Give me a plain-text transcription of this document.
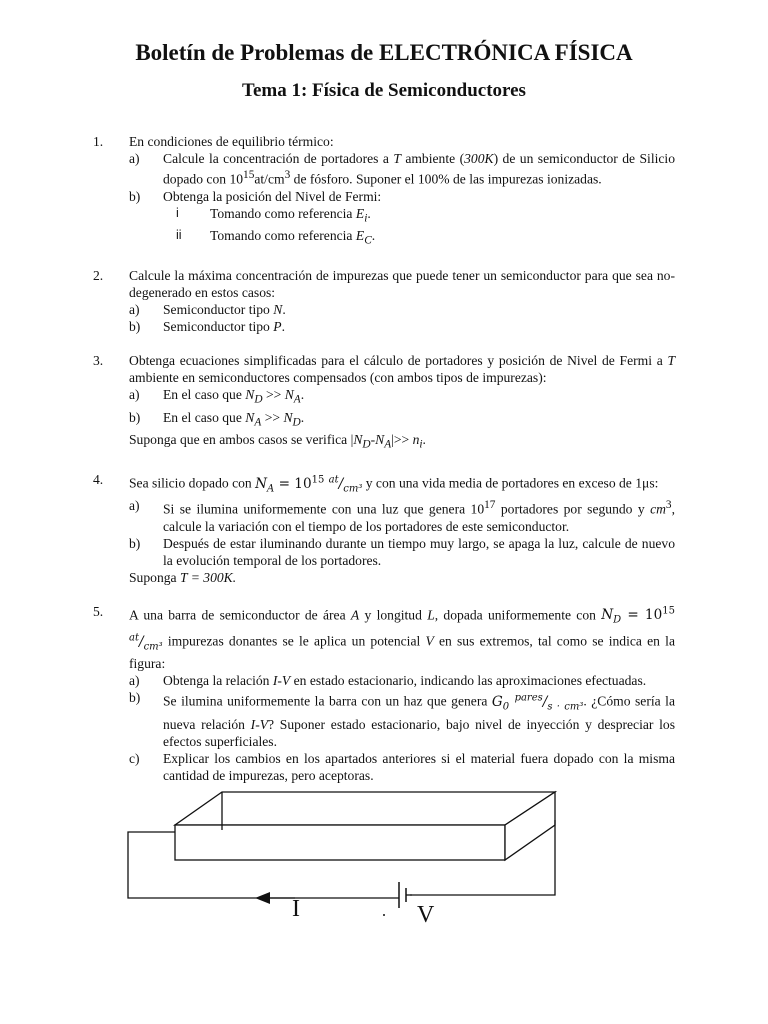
Boletín de Problemas de ELECTRÓNICA FÍSICA
Tema 1: Física de Semiconductores
1. En condiciones de equilibrio térmico:

a) Calcule la concentración de portadores a T ambiente (300K) de un semiconductor de Silicio dopado con $10^{15}at/cm^3$ de fósforo. Suponer el 100% de las impurezas ionizadas.

b) Obtenga la posición del Nivel de Fermi:

i Tomando como referencia $E_i$.

ii Tomando como referencia $E_C$.

2. Calcule la máxima concentración de impurezas que puede tener un semiconductor para que sea no-degenerado en estos casos:

a) Semiconductor tipo N.

b) Semiconductor tipo P.

3. Obtenga ecuaciones simplificadas para el cálculo de portadores y posición de Nivel de Fermi a T ambiente en semiconductores compensados (con ambos tipos de impurezas):

a) En el caso que $N_D >> N_A$.

b) En el caso que $N_A >> N_D$.

Suponga que en ambos casos se verifica $|N_D-N_A|>> n_i$.

4. Sea silicio dopado con $N_A = 10^{15}$ $^{at}/_{cm^3}$ y con una vida media de portadores en exceso de 1μs:

a) Si se ilumina uniformemente con una luz que genera $10^{17}$ portadores por segundo y $cm^3$, calcule la variación con el tiempo de los portadores de este semiconductor.

b) Después de estar iluminando durante un tiempo muy largo, se apaga la luz, calcule de nuevo la evolución temporal de los portadores.

Suponga T = 300K.

5. A una barra de semiconductor de área A y longitud L, dopada uniformemente con $N_D = 10^{15}$ $^{at}/_{cm^3}$ impurezas donantes se le aplica un potencial V en sus extremos, tal como se indica en la figura:

a) Obtenga la relación I-V en estado estacionario, indicando las aproximaciones efectuadas.

b) Se ilumina uniformemente la barra con un haz que genera $G_0$ $^{pares}/_{s \cdot cm^3}$. ¿Cómo sería la nueva relación I-V? Suponer estado estacionario, bajo nivel de inyección y despreciar los efectos superficiales.

c) Explicar los cambios en los apartados anteriores si el material fuera dopado con la misma cantidad de impurezas, pero aceptoras.

I	V
